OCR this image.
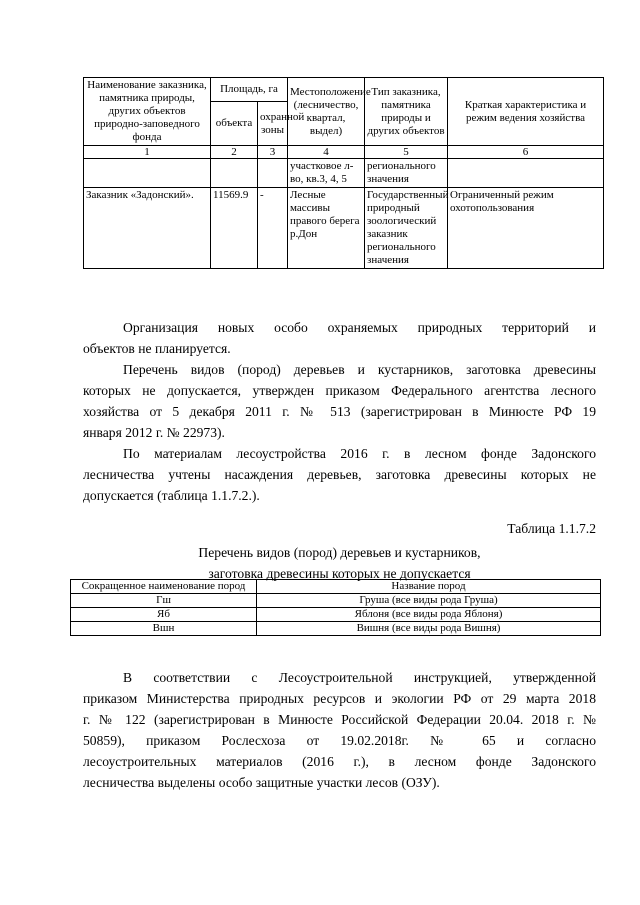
Наименование заказника, памятника природы, других объектов природно-заповедного фонда	Площадь, га		Местоположение (лесничество, квартал, выдел)	Тип заказника, памятника природы и других объектов	Краткая характеристика и режим ведения хозяйства
	объекта	охранной зоны			
1	2	3	4	5	6
			участковое л-во, кв.3, 4, 5	регионального значения	
Заказник «Задонский».	11569.9	-	Лесные массивы правого берега р.Дон	Государственный природный зоологический заказник регионального значения	Ограниченный режим охотопользования
Организация новых особо охраняемых природных территорий и
объектов не планируется.
Перечень видов (пород) деревьев и кустарников, заготовка древесины
которых не допускается, утвержден приказом Федерального агентства лесного
хозяйства от 5 декабря 2011 г. № 513 (зарегистрирован в Минюсте РФ 19
января 2012 г. № 22973).
По материалам лесоустройства 2016 г. в лесном фонде Задонского
лесничества учтены насаждения деревьев, заготовка древесины которых не
допускается (таблица 1.1.7.2.).
Таблица 1.1.7.2
Перечень видов (пород) деревьев и кустарников,
заготовка древесины которых не допускается
Сокращенное наименование пород	Название пород
Гш	Груша (все виды рода Груша)
Яб	Яблоня (все виды рода Яблоня)
Вшн	Вишня (все виды рода Вишня)
В соответствии с Лесоустроительной инструкцией, утвержденной
приказом Министерства природных ресурсов и экологии РФ от 29 марта 2018
г. № 122 (зарегистрирован в Минюсте Российской Федерации 20.04. 2018 г. №
50859), приказом Рослесхоза от 19.02.2018г. № 65 и согласно
лесоустроительных материалов (2016 г.), в лесном фонде Задонского
лесничества выделены особо защитные участки лесов (ОЗУ).
